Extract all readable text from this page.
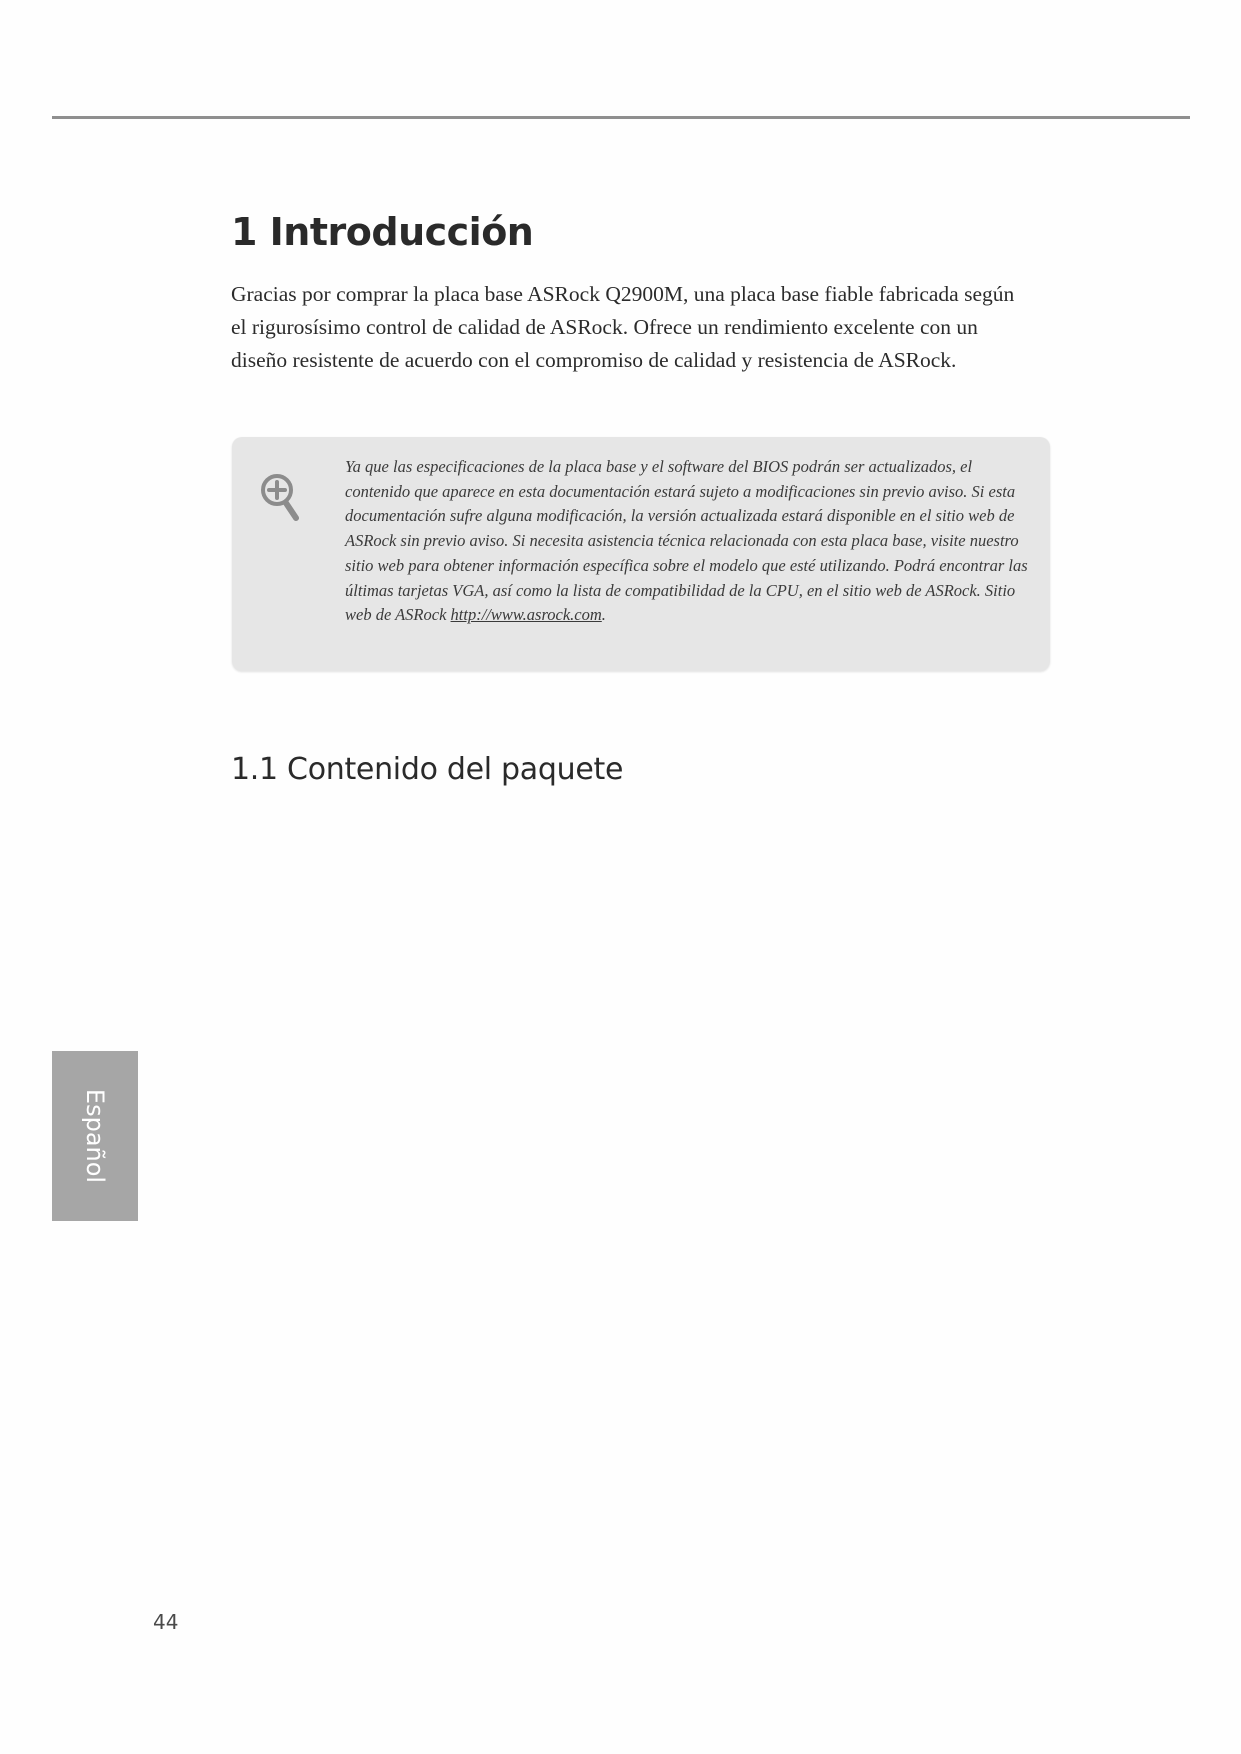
1 Introducción

Gracias por comprar la placa base ASRock Q2900M, una placa base fiable fabricada según el rigurosísimo control de calidad de ASRock. Ofrece un rendimiento excelente con un diseño resistente de acuerdo con el compromiso de calidad y resistencia de ASRock.

Ya que las especificaciones de la placa base y el software del BIOS podrán ser actualizados, el contenido que aparece en esta documentación estará sujeto a modificaciones sin previo aviso. Si esta documentación sufre alguna modificación, la versión actualizada estará disponible en el sitio web de ASRock sin previo aviso. Si necesita asistencia técnica relacionada con esta placa base, visite nuestro sitio web para obtener información específica sobre el modelo que esté utilizando. Podrá encontrar las últimas tarjetas VGA, así como la lista de compatibilidad de la CPU, en el sitio web de ASRock. Sitio web de ASRock http://www.asrock.com.

1.1 Contenido del paquete
Español
44
